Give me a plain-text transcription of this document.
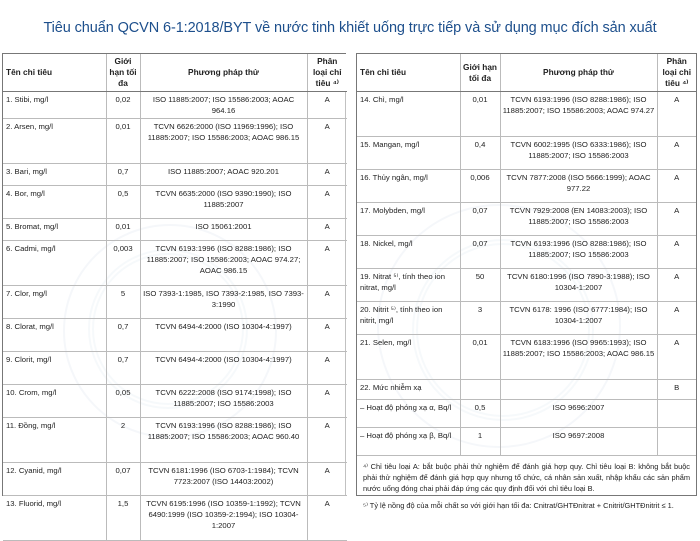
Tiêu chuẩn QCVN 6-1:2018/BYT về nước tinh khiết uống trực tiếp và sử dụng mục đích sản xuất
Tên chỉ tiêu	Giới hạn tối đa	Phương pháp thử	Phân loại chỉ tiêu ⁴⁾
1. Stibi, mg/l	0,02	ISO 11885:2007; ISO 15586:2003; AOAC 964.16	A
2. Arsen, mg/l	0,01	TCVN 6626:2000 (ISO 11969:1996); ISO 11885:2007; ISO 15586:2003; AOAC 986.15	A
3. Bari, mg/l	0,7	ISO 11885:2007; AOAC 920.201	A
4. Bor, mg/l	0,5	TCVN 6635:2000 (ISO 9390:1990); ISO 11885:2007	A
5. Bromat, mg/l	0,01	ISO 15061:2001	A
6. Cadmi, mg/l	0,003	TCVN 6193:1996 (ISO 8288:1986); ISO 11885:2007; ISO 15586:2003; AOAC 974.27; AOAC 986.15	A
7. Clor, mg/l	5	ISO 7393-1:1985, ISO 7393-2:1985, ISO 7393-3:1990	A
8. Clorat, mg/l	0,7	TCVN 6494-4:2000 (ISO 10304-4:1997)	A
9. Clorit, mg/l	0,7	TCVN 6494-4:2000 (ISO 10304-4:1997)	A
10. Crom, mg/l	0,05	TCVN 6222:2008 (ISO 9174:1998); ISO 11885:2007; ISO 15586:2003	A
11. Đồng, mg/l	2	TCVN 6193:1996 (ISO 8288:1986); ISO 11885:2007; ISO 15586:2003; AOAC 960.40	A
12. Cyanid, mg/l	0,07	TCVN 6181:1996 (ISO 6703-1:1984); TCVN 7723:2007 (ISO 14403:2002)	A
13. Fluorid, mg/l	1,5	TCVN 6195:1996 (ISO 10359-1:1992); TCVN 6490:1999 (ISO 10359-2:1994); ISO 10304-1:2007	A
Tên chỉ tiêu	Giới hạn tối đa	Phương pháp thử	Phân loại chỉ tiêu ⁴⁾
14. Chì, mg/l	0,01	TCVN 6193:1996 (ISO 8288:1986); ISO 11885:2007; ISO 15586:2003; AOAC 974.27	A
15. Mangan, mg/l	0,4	TCVN 6002:1995 (ISO 6333:1986); ISO 11885:2007; ISO 15586:2003	A
16. Thủy ngân, mg/l	0,006	TCVN 7877:2008 (ISO 5666:1999); AOAC 977.22	A
17. Molybden, mg/l	0,07	TCVN 7929:2008 (EN 14083:2003); ISO 11885:2007; ISO 15586:2003	A
18. Nickel, mg/l	0,07	TCVN 6193:1996 (ISO 8288:1986); ISO 11885:2007; ISO 15586:2003	A
19. Nitrat ⁵⁾, tính theo ion nitrat, mg/l	50	TCVN 6180:1996 (ISO 7890-3:1988); ISO 10304-1:2007	A
20. Nitrit ⁵⁾, tính theo ion nitrit, mg/l	3	TCVN 6178: 1996 (ISO 6777:1984); ISO 10304-1:2007	A
21. Selen, mg/l	0,01	TCVN 6183:1996 (ISO 9965:1993); ISO 11885:2007; ISO 15586:2003; AOAC 986.15	A
22. Mức nhiễm xạ			B
– Hoạt độ phóng xạ α, Bq/l	0,5	ISO 9696:2007	
– Hoạt độ phóng xạ β, Bq/l	1	ISO 9697:2008	

⁴⁾ Chỉ tiêu loại A: bắt buộc phải thử nghiệm để đánh giá hợp quy. Chỉ tiêu loại B: không bắt buộc phải thử nghiệm để đánh giá hợp quy nhưng tổ chức, cá nhân sản xuất, nhập khẩu các sản phẩm nước uống đóng chai phải đáp ứng các quy định đối với chỉ tiêu loại B.

⁵⁾ Tỷ lệ nồng độ của mỗi chất so với giới hạn tối đa: Cnitrat/GHTĐnitrat + Cnitrit/GHTĐnitrit ≤ 1.
